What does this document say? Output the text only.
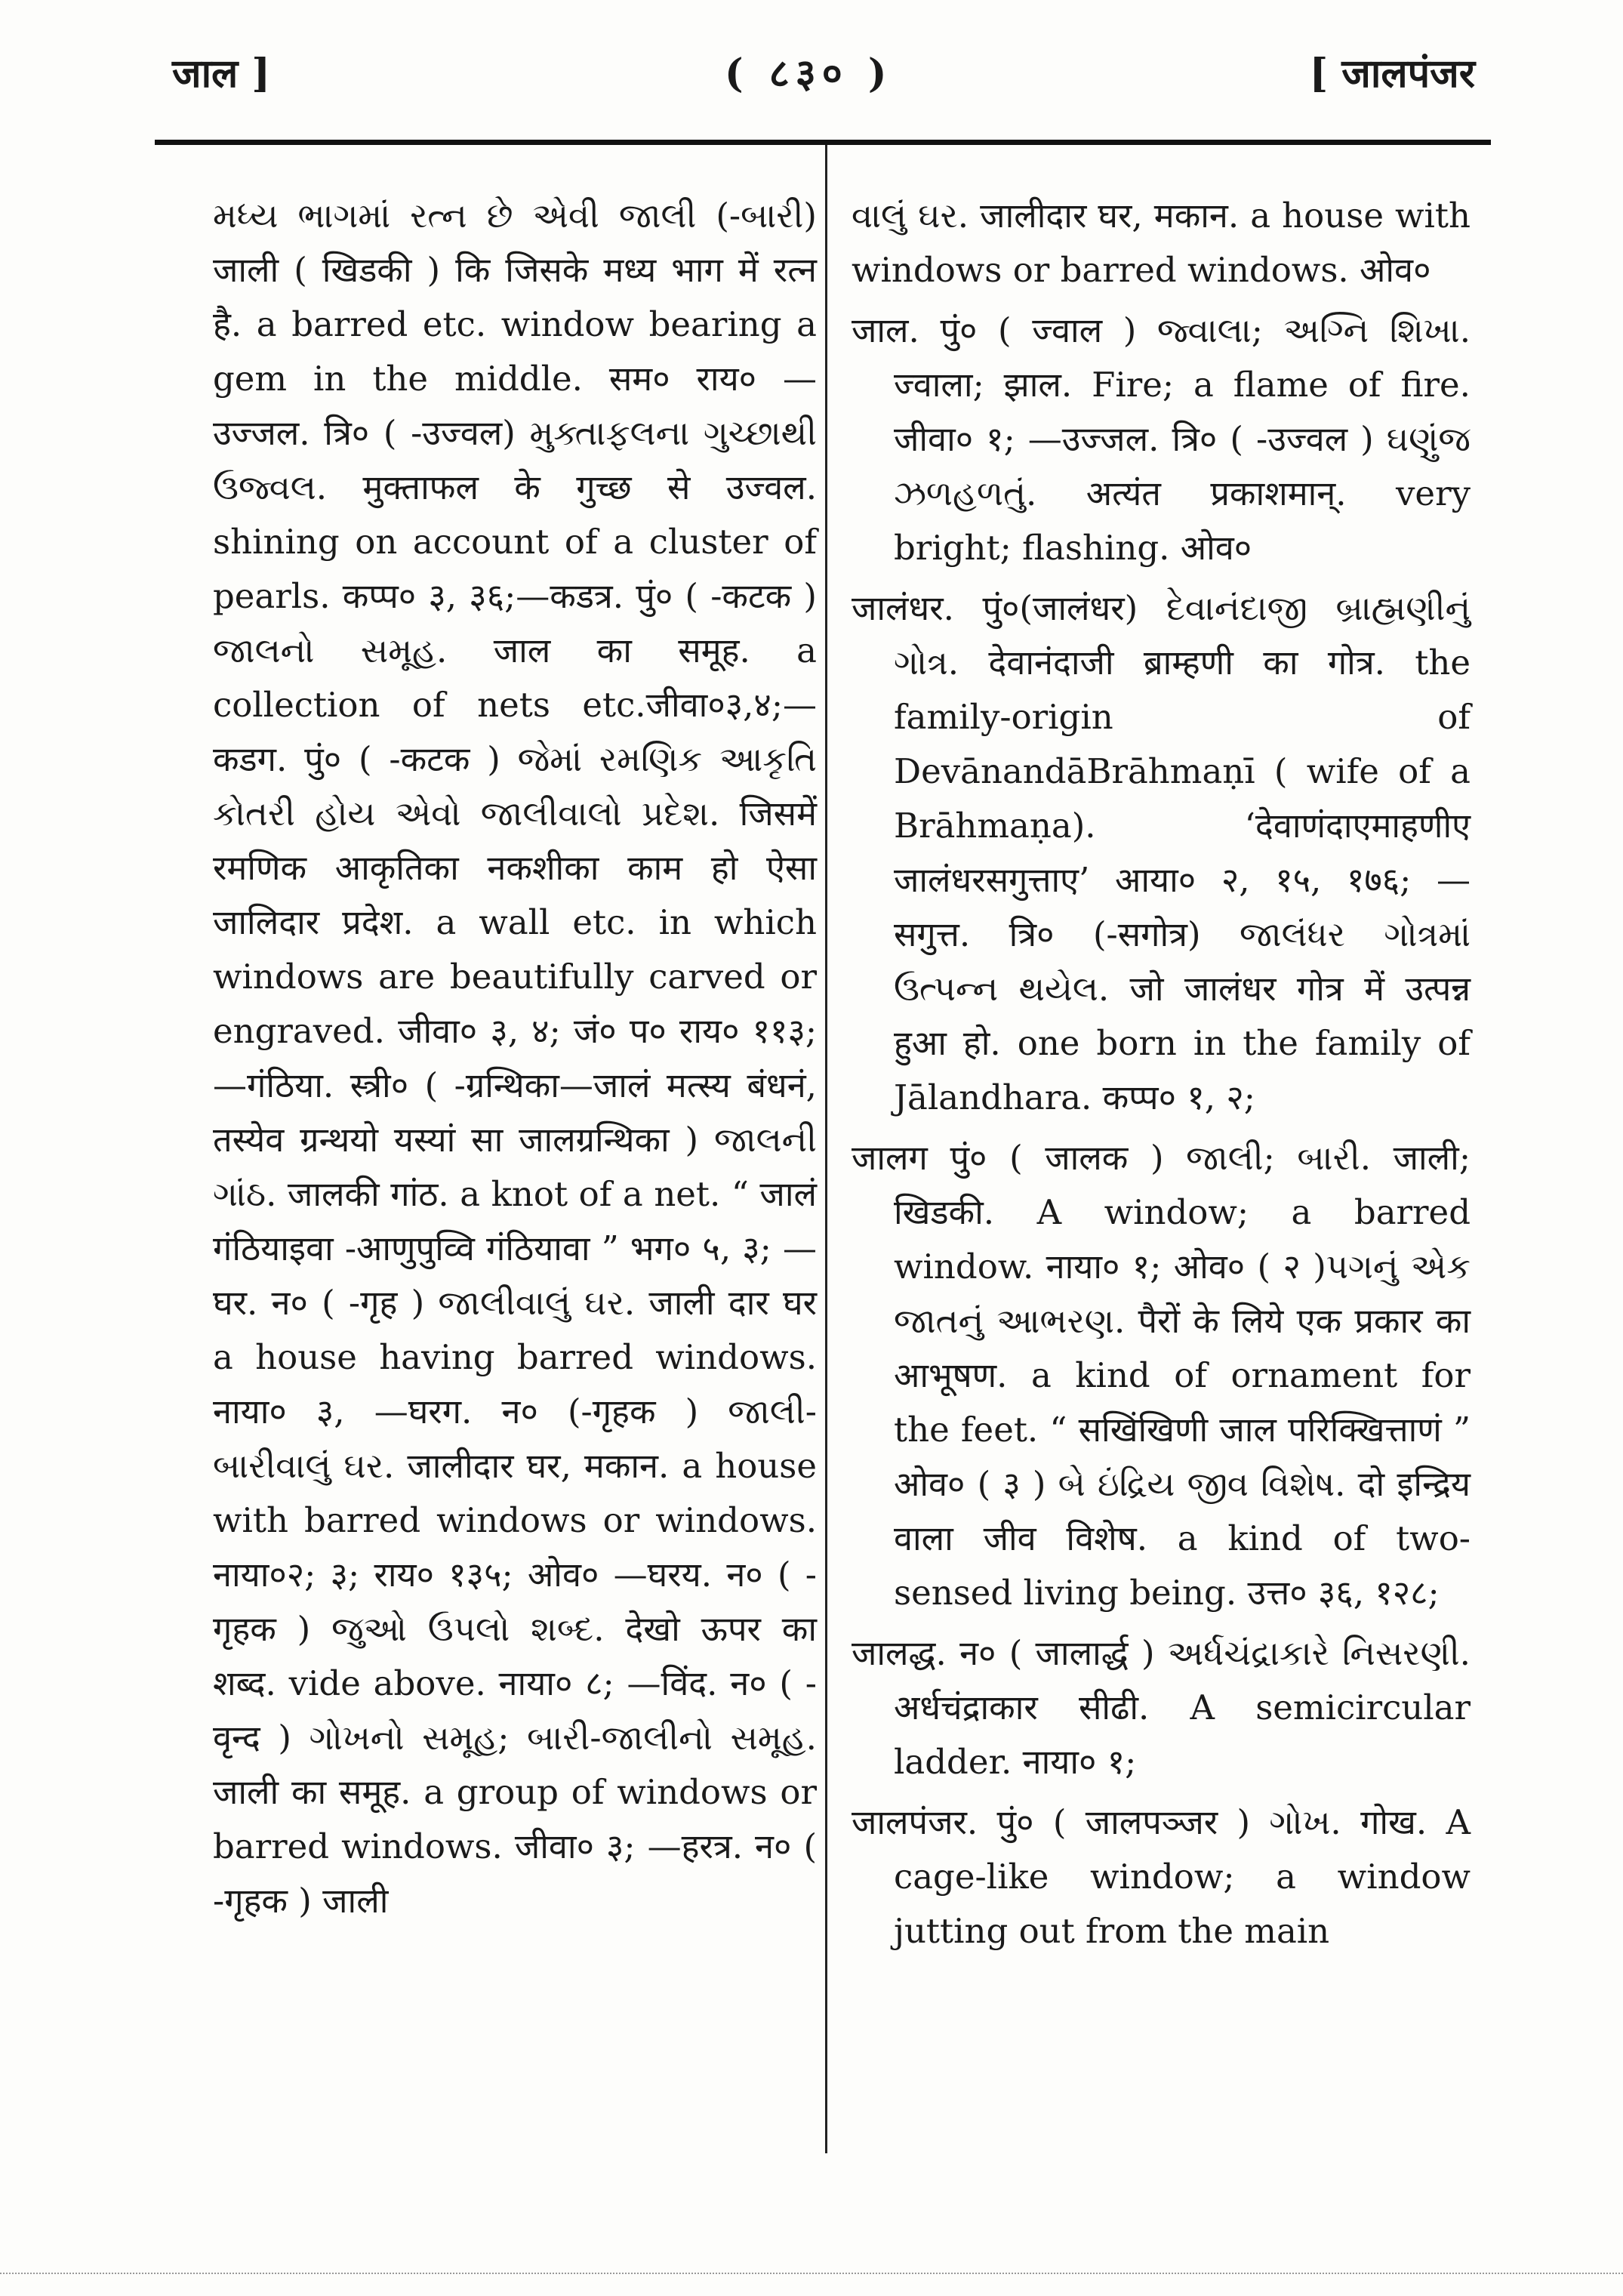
जाल ]	( ८३० )	[ जालपंजर

મધ્ય ભાગમાં રત્ન છે એવી જાલી (-બારી) जाली ( खिडकी ) कि जिसके मध्य भाग में रत्न है. a barred etc. window bearing a gem in the middle. सम० राय० —उज्जल. त्रि० ( -उज्वल) મુક્તાફલના ગુચ્છાથી ઉજ્વલ. मुक्ताफल के गुच्छ से उज्वल. shining on account of a cluster of pearls. कप्प० ३, ३६;—कडत्र. पुं० ( -कटक ) જાલનો સમૂહ. जाल का समूह. a collection of nets etc.जीवा०३,४;—कडग. पुं० ( -कटक ) જેમાં રમણિક આકૃતિ કોતરી હોય એવો જાલીવાલો પ્રદેશ. जिसमें रमणिक आकृतिका नकशीका काम हो ऐसा जालिदार प्रदेश. a wall etc. in which windows are beautifully carved or engraved. जीवा० ३, ४; जं० प० राय० ११३; —गंठिया. स्त्री० ( -ग्रन्थिका—जालं मत्स्य बंधनं, तस्येव ग्रन्थयो यस्यां सा जालग्रन्थिका ) જાલની ગાંઠ. जालकी गांठ. a knot of a net. “ जालं गंठियाइवा -आणुपुव्वि गंठियावा ” भग० ५, ३; —घर. न० ( -गृह ) જાલીવાલું ઘર. जाली दार घर a house having barred windows. नाया० ३, —घरग. न० (-गृहक ) જાલી-બારીવાલું ઘર. जालीदार घर, मकान. a house with barred windows or windows. नाया०२; ३; राय० १३५; ओव० —घरय. न० ( -गृहक ) જુઓ ઉપલો શબ્દ. देखो ऊपर का शब्द. vide above. नाया० ८; —विंद. न० ( -वृन्द ) ગોખનો સમૂહ; બારી-જાલીનો સમૂહ. जाली का समूह. a group of windows or barred windows. जीवा० ३; —हरत्र. न० ( -गृहक ) जाली

વાલું ઘર. जालीदार घर, मकान. a house with windows or barred windows. ओव०

जाल. पुं० ( ज्वाल ) જ્વાલા; અગ્નિ શિખા. ज्वाला; झाल. Fire; a flame of fire. जीवा० १; —उज्जल. त्रि० ( -उज्वल ) ઘણુંજ ઝળહળતું. अत्यंत प्रकाशमान्. very bright; flashing. ओव०

जालंधर. पुं०(जालंधर) દેવાનંદાજી બ્રાહ્મણીનું ગોત્ર. देवानंदाजी ब्राम्हणी का गोत्र. the family-origin of DevānandāBrāhmaṇī ( wife of a Brāhmaṇa). ‘देवाणंदाएमाहणीए जालंधरसगुत्ताए’ आया० २, १५, १७६; —सगुत्त. त्रि० (-सगोत्र) જાલંધર ગોત્રમાં ઉત્પન્ન થયેલ. जो जालंधर गोत्र में उत्पन्न हुआ हो. one born in the family of Jālandhara. कप्प० १, २;

जालग पुं० ( जालक ) જાલી; બારી. जाली; खिडकी. A window; a barred window. नाया० १; ओव० ( २ )પગનું એક જાતનું આભરણ. पैरों के लिये एक प्रकार का आभूषण. a kind of ornament for the feet. “ सखिंखिणी जाल परिक्खित्ताणं ” ओव० ( ३ ) બે ઇંદ્રિય જીવ વિશેષ. दो इन्द्रिय वाला जीव विशेष. a kind of two-sensed living being. उत्त० ३६, १२८;

जालद्ध. न० ( जालार्द्ध ) અર્ધચંદ્રાકારે નિસરણી. अर्धचंद्राकार सीढी. A semicircular ladder. नाया० १;

जालपंजर. पुं० ( जालपञ्जर ) ગોખ. गोख. A cage-like window; a window jutting out from the main
